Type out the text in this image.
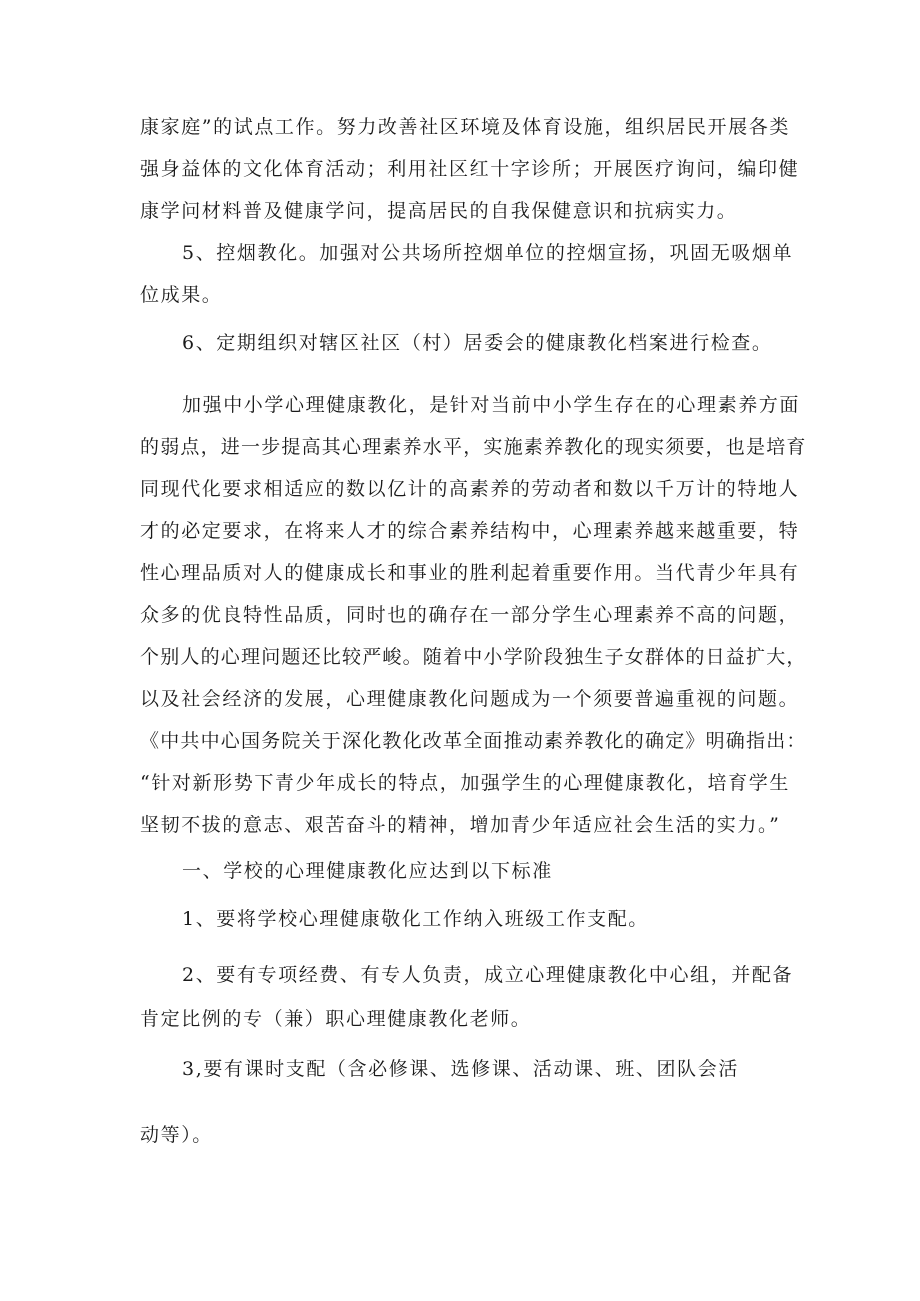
康家庭”的试点工作。努力改善社区环境及体育设施，组织居民开展各类
强身益体的文化体育活动；利用社区红十字诊所；开展医疗询问，编印健
康学问材料普及健康学问，提高居民的自我保健意识和抗病实力。
5、控烟教化。加强对公共场所控烟单位的控烟宣扬，巩固无吸烟单
位成果。
6、定期组织对辖区社区（村）居委会的健康教化档案进行检查。
加强中小学心理健康教化，是针对当前中小学生存在的心理素养方面
的弱点，进一步提高其心理素养水平，实施素养教化的现实须要，也是培育
同现代化要求相适应的数以亿计的高素养的劳动者和数以千万计的特地人
才的必定要求，在将来人才的综合素养结构中，心理素养越来越重要，特
性心理品质对人的健康成长和事业的胜利起着重要作用。当代青少年具有
众多的优良特性品质，同时也的确存在一部分学生心理素养不高的问题，
个别人的心理问题还比较严峻。随着中小学阶段独生子女群体的日益扩大，
以及社会经济的发展，心理健康教化问题成为一个须要普遍重视的问题。
《中共中心国务院关于深化教化改革全面推动素养教化的确定》明确指出：
“针对新形势下青少年成长的特点，加强学生的心理健康教化，培育学生
坚韧不拔的意志、艰苦奋斗的精神，增加青少年适应社会生活的实力。”
一、学校的心理健康教化应达到以下标准
1、要将学校心理健康敬化工作纳入班级工作支配。
2、要有专项经费、有专人负责，成立心理健康教化中心组，并配备
肯定比例的专（兼）职心理健康教化老师。
3,要有课时支配（含必修课、选修课、活动课、班、团队会活
动等）。
